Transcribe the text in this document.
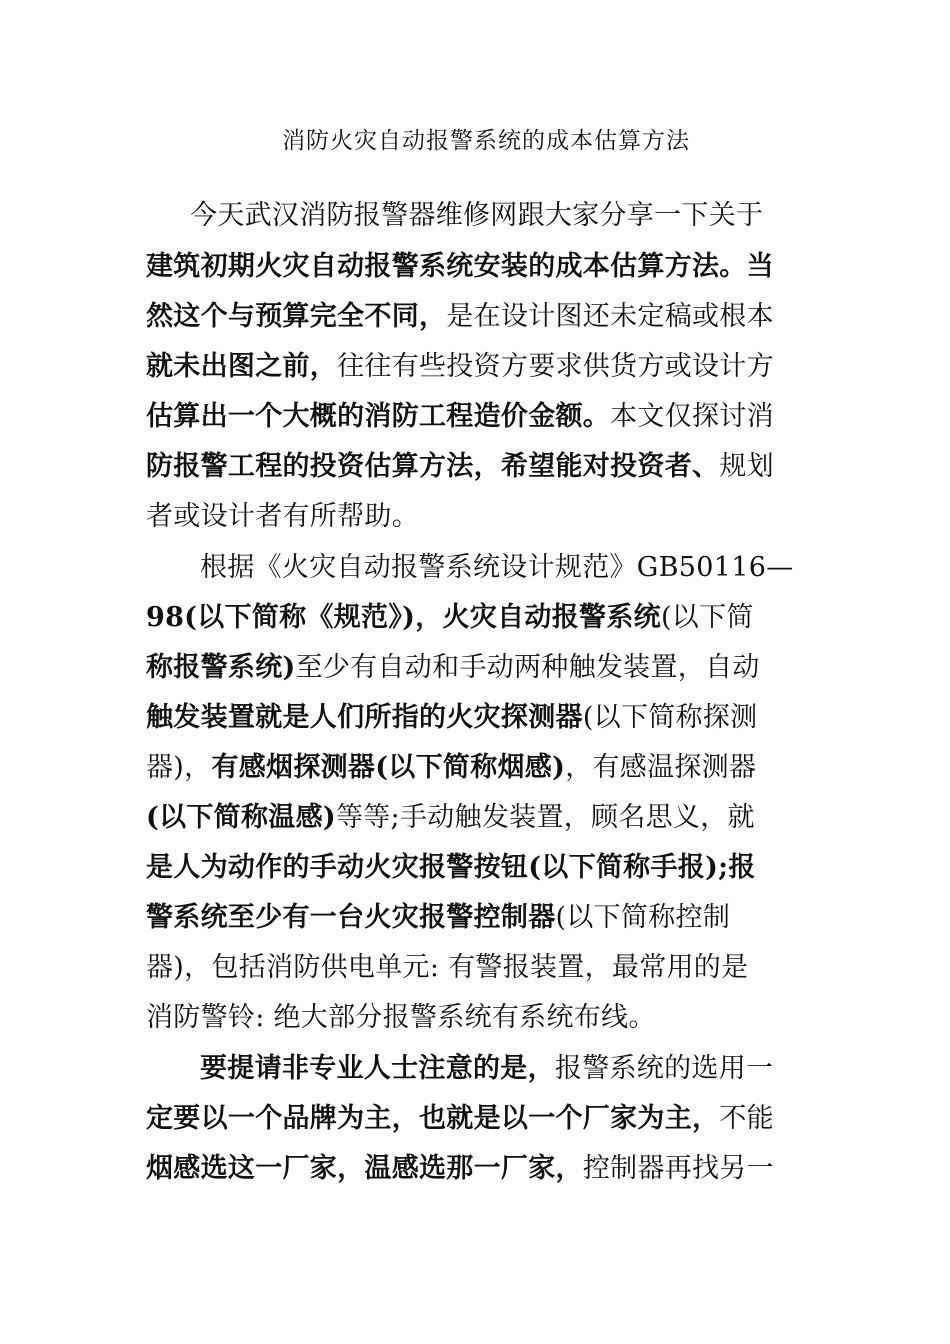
消防火灾自动报警系统的成本估算方法
今天武汉消防报警器维修网跟大家分享一下关于
建筑初期火灾自动报警系统安装的成本估算方法。当
然这个与预算完全不同，是在设计图还未定稿或根本
就未出图之前，往往有些投资方要求供货方或设计方
估算出一个大概的消防工程造价金额。本文仅探讨消
防报警工程的投资估算方法，希望能对投资者、规划
者或设计者有所帮助。
根据《火灾自动报警系统设计规范》GB50116—
98(以下简称《规范》)，火灾自动报警系统(以下简
称报警系统)至少有自动和手动两种触发装置，自动
触发装置就是人们所指的火灾探测器(以下简称探测
器)，有感烟探测器(以下简称烟感)，有感温探测器
(以下简称温感)等等;手动触发装置，顾名思义，就
是人为动作的手动火灾报警按钮(以下简称手报);报
警系统至少有一台火灾报警控制器(以下简称控制
器)，包括消防供电单元: 有警报装置，最常用的是
消防警铃: 绝大部分报警系统有系统布线。
要提请非专业人士注意的是，报警系统的选用一
定要以一个品牌为主，也就是以一个厂家为主，不能
烟感选这一厂家，温感选那一厂家，控制器再找另一
